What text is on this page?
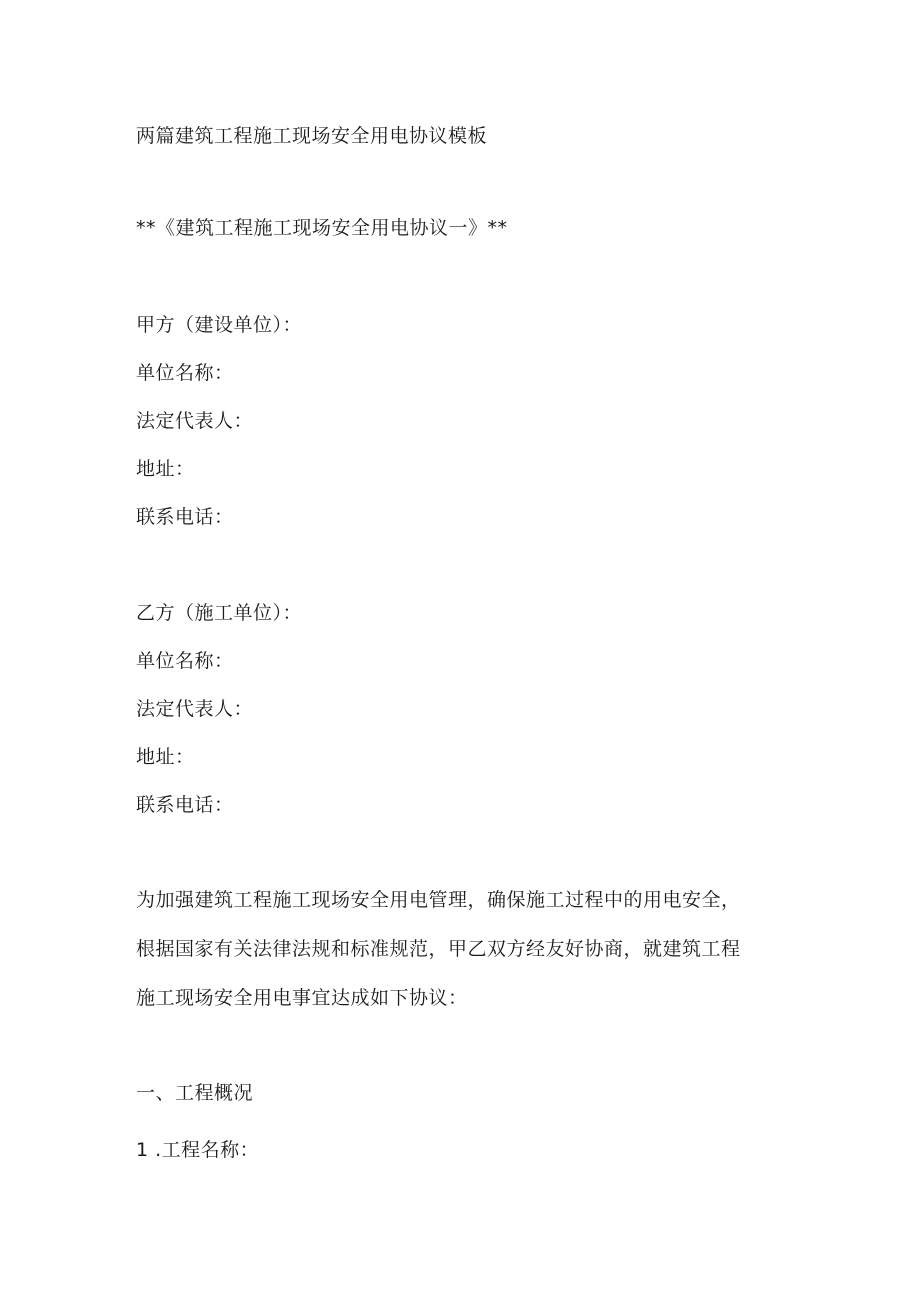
两篇建筑工程施工现场安全用电协议模板
**《建筑工程施工现场安全用电协议一》**
甲方（建设单位）：
单位名称：
法定代表人：
地址：
联系电话：
乙方（施工单位）：
单位名称：
法定代表人：
地址：
联系电话：
为加强建筑工程施工现场安全用电管理，确保施工过程中的用电安全，
根据国家有关法律法规和标准规范，甲乙双方经友好协商，就建筑工程
施工现场安全用电事宜达成如下协议：
一、工程概况
1 .工程名称：
